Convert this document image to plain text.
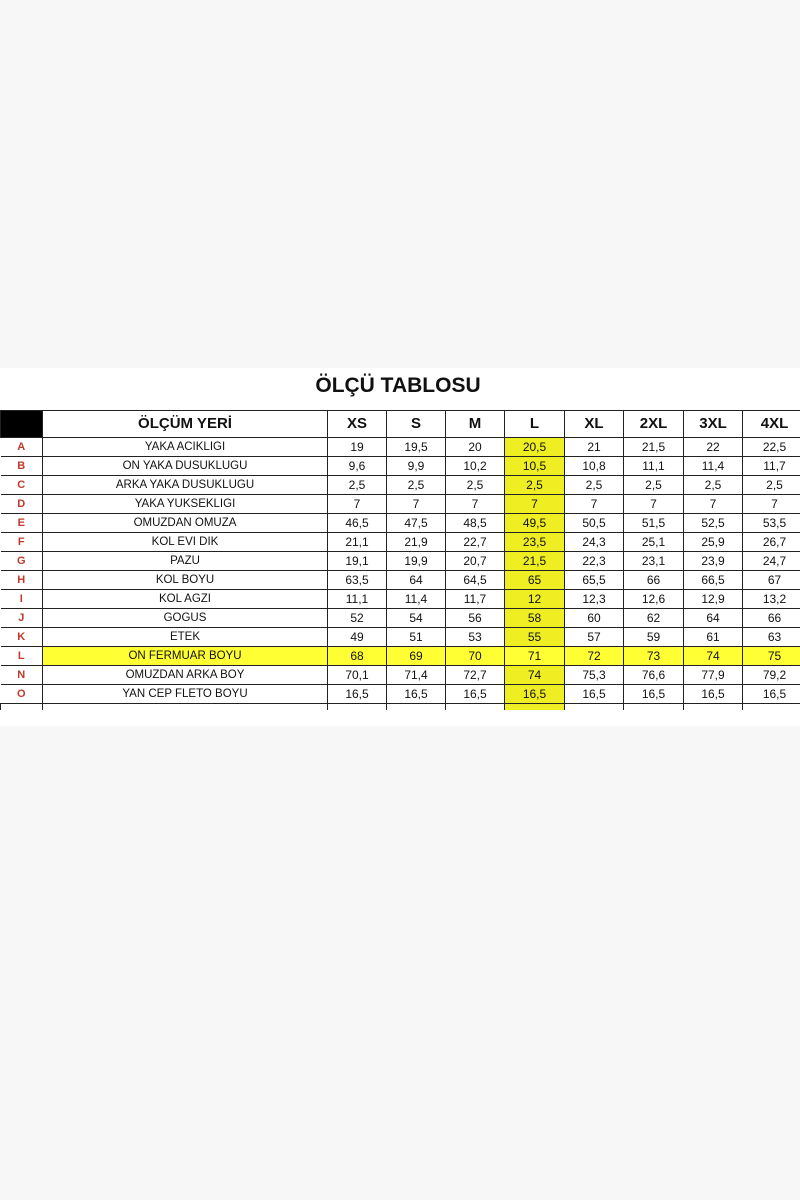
ÖLÇÜ TABLOSU
	ÖLÇÜM YERİ	XS	S	M	L	XL	2XL	3XL	4XL
A	YAKA ACIKLIGI	19	19,5	20	20,5	21	21,5	22	22,5
B	ON YAKA DUSUKLUGU	9,6	9,9	10,2	10,5	10,8	11,1	11,4	11,7
C	ARKA YAKA DUSUKLUGU	2,5	2,5	2,5	2,5	2,5	2,5	2,5	2,5
D	YAKA YUKSEKLIGI	7	7	7	7	7	7	7	7
E	OMUZDAN OMUZA	46,5	47,5	48,5	49,5	50,5	51,5	52,5	53,5
F	KOL EVI DIK	21,1	21,9	22,7	23,5	24,3	25,1	25,9	26,7
G	PAZU	19,1	19,9	20,7	21,5	22,3	23,1	23,9	24,7
H	KOL BOYU	63,5	64	64,5	65	65,5	66	66,5	67
I	KOL AGZI	11,1	11,4	11,7	12	12,3	12,6	12,9	13,2
J	GOGUS	52	54	56	58	60	62	64	66
K	ETEK	49	51	53	55	57	59	61	63
L	ON FERMUAR BOYU	68	69	70	71	72	73	74	75
N	OMUZDAN ARKA BOY	70,1	71,4	72,7	74	75,3	76,6	77,9	79,2
O	YAN CEP FLETO BOYU	16,5	16,5	16,5	16,5	16,5	16,5	16,5	16,5
